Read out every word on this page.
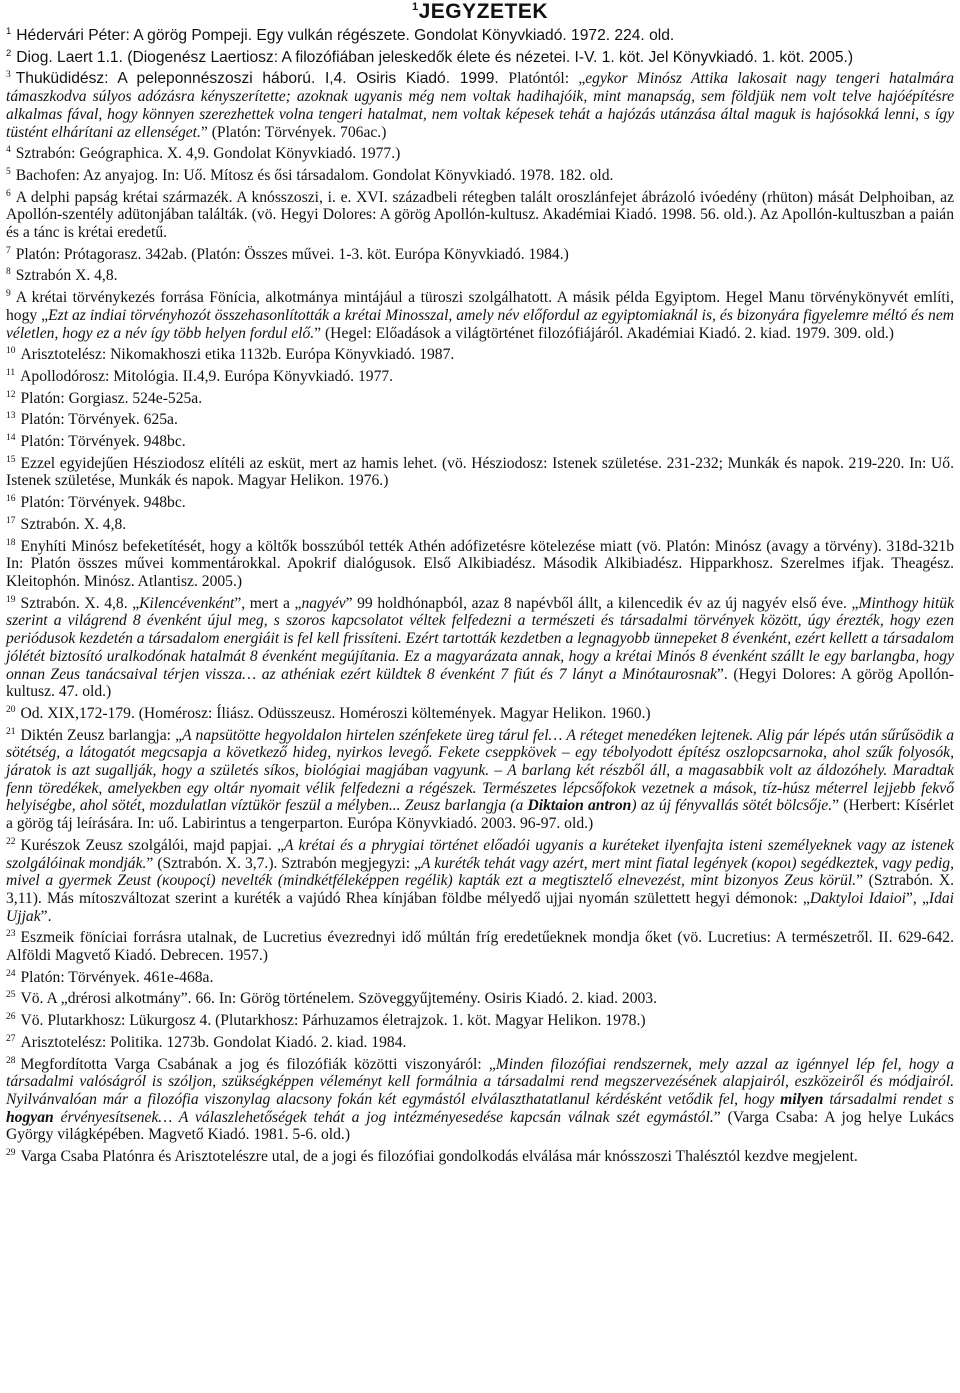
$^1$JEGYZETEK

$^1$ Hédervári Péter: A görög Pompeji. Egy vulkán régészete. Gondolat Könyvkiadó. 1972. 224. old.

$^2$ Diog. Laert 1.1. (Diogenész Laertiosz: A filozófiában jeleskedők élete és nézetei. I-V. 1. köt. Jel Könyvkiadó. 1. köt. 2005.)

$^3$ Thuküdidész: A peleponnészoszi háború. I,4. Osiris Kiadó. 1999. Platóntól: „egykor Minósz Attika lakosait nagy tengeri hatalmára támaszkodva súlyos adózásra kényszerítette; azoknak ugyanis még nem voltak hadihajóik, mint manapság, sem földjük nem volt telve hajóépítésre alkalmas fával, hogy könnyen szerezhettek volna tengeri hatalmat, nem voltak képesek tehát a hajózás utánzása által maguk is hajósokká lenni, s így tüstént elhárítani az ellenséget.” (Platón: Törvények. 706ac.)

$^4$ Sztrabón: Geógraphica. X. 4,9. Gondolat Könyvkiadó. 1977.)

$^5$ Bachofen: Az anyajog. In: Uő. Mítosz és ősi társadalom. Gondolat Könyvkiadó. 1978. 182. old.

$^6$ A delphi papság krétai származék. A knósszoszi, i. e. XVI. századbeli rétegben talált oroszlánfejet ábrázoló ivóedény (rhüton) mását Delphoiban, az Apollón-szentély adütonjában találták. (vö. Hegyi Dolores: A görög Apollón-kultusz. Akadémiai Kiadó. 1998. 56. old.). Az Apollón-kultuszban a paián és a tánc is krétai eredetű.

$^7$ Platón: Prótagorasz. 342ab. (Platón: Összes művei. 1-3. köt. Európa Könyvkiadó. 1984.)

$^8$ Sztrabón X. 4,8.

$^9$ A krétai törvénykezés forrása Fönícia, alkotmánya mintájául a türoszi szolgálhatott. A másik példa Egyiptom. Hegel Manu törvénykönyvét említi, hogy „Ezt az indiai törvényhozót összehasonlították a krétai Minosszal, amely név előfordul az egyiptomiaknál is, és bizonyára figyelemre méltó és nem véletlen, hogy ez a név így több helyen fordul elő.” (Hegel: Előadások a világtörténet filozófiájáról. Akadémiai Kiadó. 2. kiad. 1979. 309. old.)

$^{10}$ Arisztotelész: Nikomakhoszi etika 1132b. Európa Könyvkiadó. 1987.

$^{11}$ Apollodórosz: Mitológia. II.4,9. Európa Könyvkiadó. 1977.

$^{12}$ Platón: Gorgiasz. 524e-525a.

$^{13}$ Platón: Törvények. 625a.

$^{14}$ Platón: Törvények. 948bc.

$^{15}$ Ezzel egyidejűen Hésziodosz elítéli az esküt, mert az hamis lehet. (vö. Hésziodosz: Istenek születése. 231-232; Munkák és napok. 219-220. In: Uő. Istenek születése, Munkák és napok. Magyar Helikon. 1976.)

$^{16}$ Platón: Törvények. 948bc.

$^{17}$ Sztrabón. X. 4,8.

$^{18}$ Enyhíti Minósz befeketítését, hogy a költők bosszúból tették Athén adófizetésre kötelezése miatt (vö. Platón: Minósz (avagy a törvény). 318d-321b In: Platón összes művei kommentárokkal. Apokrif dialógusok. Első Alkibiadész. Második Alkibiadész. Hipparkhosz. Szerelmes ifjak. Theagész. Kleitophón. Minósz. Atlantisz. 2005.)

$^{19}$ Sztrabón. X. 4,8. „Kilencévenként”, mert a „nagyév” 99 holdhónapból, azaz 8 napévből állt, a kilencedik év az új nagyév első éve. „Minthogy hitük szerint a világrend 8 évenként újul meg, s szoros kapcsolatot véltek felfedezni a természeti és társadalmi törvények között, úgy érezték, hogy ezen periódusok kezdetén a társadalom energiáit is fel kell frissíteni. Ezért tartották kezdetben a legnagyobb ünnepeket 8 évenként, ezért kellett a társadalom jólétét biztosító uralkodónak hatalmát 8 évenként megújítania. Ez a magyarázata annak, hogy a krétai Minós 8 évenként szállt le egy barlangba, hogy onnan Zeus tanácsaival térjen vissza… az athéniak ezért küldtek 8 évenként 7 fiút és 7 lányt a Minótaurosnak”. (Hegyi Dolores: A görög Apollón-kultusz. 47. old.)

$^{20}$ Od. XIX,172-179. (Homérosz: Íliász. Odüsszeusz. Homéroszi költemények. Magyar Helikon. 1960.)

$^{21}$ Diktén Zeusz barlangja: „A napsütötte hegyoldalon hirtelen szénfekete üreg tárul fel… A réteget menedéken lejtenek. Alig pár lépés után sűrűsödik a sötétség, a látogatót megcsapja a következő hideg, nyirkos levegő. Fekete cseppkövek – egy tébolyodott építész oszlopcsarnoka, ahol szűk folyosók, járatok is azt sugallják, hogy a születés síkos, biológiai magjában vagyunk. – A barlang két részből áll, a magasabbik volt az áldozóhely. Maradtak fenn töredékek, amelyekben egy oltár nyomait vélik felfedezni a régészek. Természetes lépcsőfokok vezetnek a mások, tíz-húsz méterrel lejjebb fekvő helyiségbe, ahol sötét, mozdulatlan víztükör feszül a mélyben... Zeusz barlangja (a Diktaion antron) az új fényvallás sötét bölcsője.” (Herbert: Kísérlet a görög táj leírására. In: uő. Labirintus a tengerparton. Európa Könyvkiadó. 2003. 96-97. old.)

$^{22}$ Kurészok Zeusz szolgálói, majd papjai. „A krétai és a phrygiai történet előadói ugyanis a kuréteket ilyenfajta isteni személyeknek vagy az istenek szolgálóinak mondják.” (Sztrabón. X. 3,7.). Sztrabón megjegyzi: „A kuréték tehát vagy azért, mert mint fiatal legények (κοροι) segédkeztek, vagy pedig, mivel a gyermek Zeust (κουροςί) nevelték (mindkétféleképpen regélik) kapták ezt a megtisztelő elnevezést, mint bizonyos Zeus körül.” (Sztrabón. X. 3,11). Más mítoszváltozat szerint a kuréték a vajúdó Rhea kínjában földbe mélyedő ujjai nyomán születtett hegyi démonok: „Daktyloi Idaioi”, „Idai Ujjak”.

$^{23}$ Eszmeik föníciai forrásra utalnak, de Lucretius évezrednyi idő múltán fríg eredetűeknek mondja őket (vö. Lucretius: A természetről. II. 629-642. Alföldi Magvető Kiadó. Debrecen. 1957.)

$^{24}$ Platón: Törvények. 461e-468a.

$^{25}$ Vö. A „drérosi alkotmány”. 66. In: Görög történelem. Szöveggyűjtemény. Osiris Kiadó. 2. kiad. 2003.

$^{26}$ Vö. Plutarkhosz: Lükurgosz 4. (Plutarkhosz: Párhuzamos életrajzok. 1. köt. Magyar Helikon. 1978.)

$^{27}$ Arisztotelész: Politika. 1273b. Gondolat Kiadó. 2. kiad. 1984.

$^{28}$ Megfordította Varga Csabának a jog és filozófiák közötti viszonyáról: „Minden filozófiai rendszernek, mely azzal az igénnyel lép fel, hogy a társadalmi valóságról is szóljon, szükségképpen véleményt kell formálnia a társadalmi rend megszervezésének alapjairól, eszközeiről és módjairól. Nyilvánvalóan már a filozófia viszonylag alacsony fokán két egymástól elválaszthatatlanul kérdésként vetődik fel, hogy milyen társadalmi rendet s hogyan érvényesítsenek… A válaszlehetőségek tehát a jog intézményesedése kapcsán válnak szét egymástól.” (Varga Csaba: A jog helye Lukács György világképében. Magvető Kiadó. 1981. 5-6. old.)

$^{29}$ Varga Csaba Platónra és Arisztotelészre utal, de a jogi és filozófiai gondolkodás elválása már knósszoszi Thalésztól kezdve megjelent.
